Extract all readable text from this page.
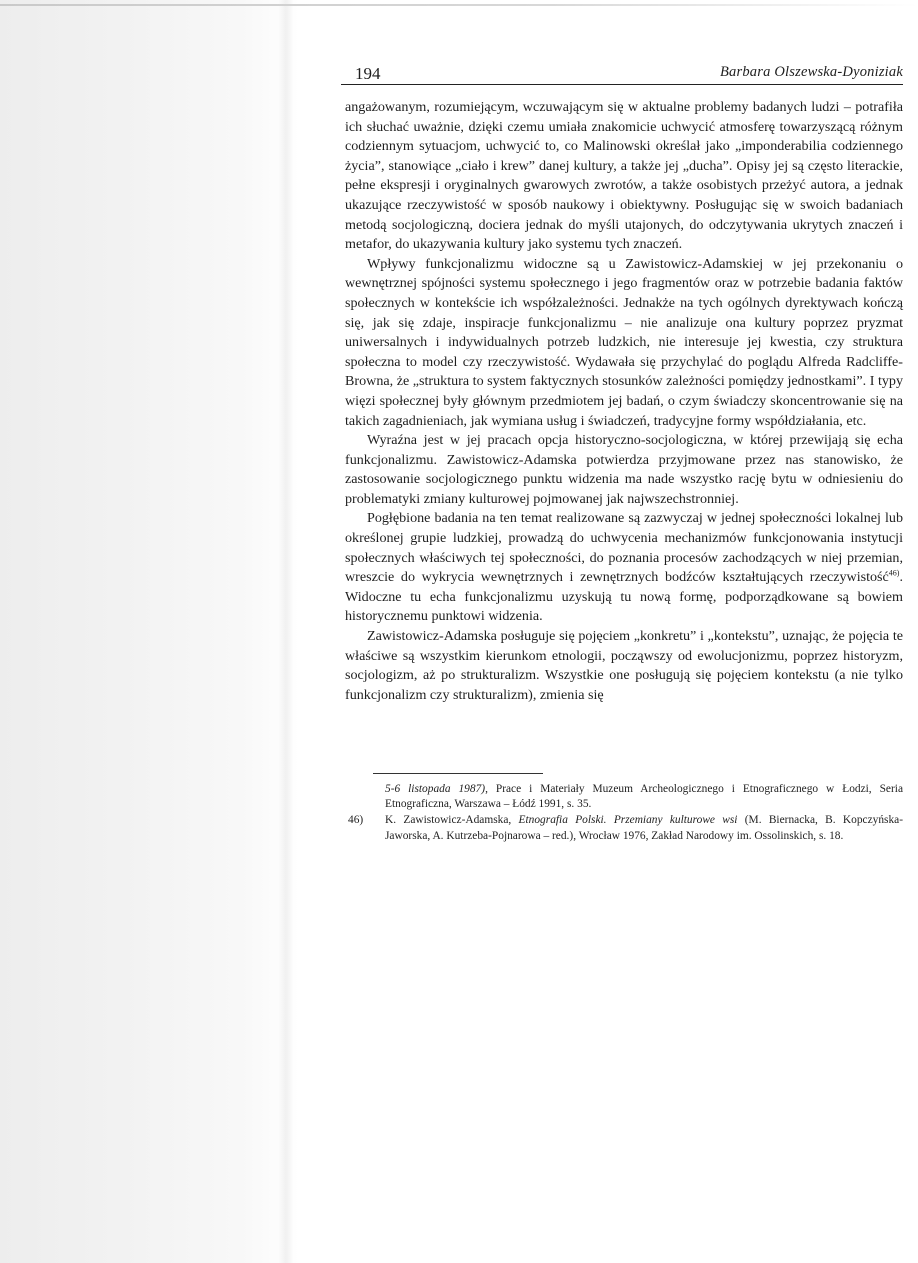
194	Barbara Olszewska-Dyoniziak

angażowanym, rozumiejącym, wczuwającym się w aktualne problemy badanych ludzi – potrafiła ich słuchać uważnie, dzięki czemu umiała znakomicie uchwycić atmosferę towarzyszącą różnym codziennym sytuacjom, uchwycić to, co Malinowski określał jako „imponderabilia codziennego życia”, stanowiące „ciało i krew” danej kultury, a także jej „ducha”. Opisy jej są często literackie, pełne ekspresji i oryginalnych gwarowych zwrotów, a także osobistych przeżyć autora, a jednak ukazujące rzeczywistość w sposób naukowy i obiektywny. Posługując się w swoich badaniach metodą socjologiczną, dociera jednak do myśli utajonych, do odczytywania ukrytych znaczeń i metafor, do ukazywania kultury jako systemu tych znaczeń.

Wpływy funkcjonalizmu widoczne są u Zawistowicz-Adamskiej w jej przekonaniu o wewnętrznej spójności systemu społecznego i jego fragmentów oraz w potrzebie badania faktów społecznych w kontekście ich współzależności. Jednakże na tych ogólnych dyrektywach kończą się, jak się zdaje, inspiracje funkcjonalizmu – nie analizuje ona kultury poprzez pryzmat uniwersalnych i indywidualnych potrzeb ludzkich, nie interesuje jej kwestia, czy struktura społeczna to model czy rzeczywistość. Wydawała się przychylać do poglądu Alfreda Radcliffe-Browna, że „struktura to system faktycznych stosunków zależności pomiędzy jednostkami”. I typy więzi społecznej były głównym przedmiotem jej badań, o czym świadczy skoncentrowanie się na takich zagadnieniach, jak wymiana usług i świadczeń, tradycyjne formy współdziałania, etc.

Wyraźna jest w jej pracach opcja historyczno-socjologiczna, w której przewijają się echa funkcjonalizmu. Zawistowicz-Adamska potwierdza przyjmowane przez nas stanowisko, że zastosowanie socjologicznego punktu widzenia ma nade wszystko rację bytu w odniesieniu do problematyki zmiany kulturowej pojmowanej jak najwszechstronniej.

Pogłębione badania na ten temat realizowane są zazwyczaj w jednej społeczności lokalnej lub określonej grupie ludzkiej, prowadzą do uchwycenia mechanizmów funkcjonowania instytucji społecznych właściwych tej społeczności, do poznania procesów zachodzących w niej przemian, wreszcie do wykrycia wewnętrznych i zewnętrznych bodźców kształtujących rzeczywistość$^{46)}$. Widoczne tu echa funkcjonalizmu uzyskują tu nową formę, podporządkowane są bowiem historycznemu punktowi widzenia.

Zawistowicz-Adamska posługuje się pojęciem „konkretu” i „kontekstu”, uznając, że pojęcia te właściwe są wszystkim kierunkom etnologii, począwszy od ewolucjonizmu, poprzez historyzm, socjologizm, aż po strukturalizm. Wszystkie one posługują się pojęciem kontekstu (a nie tylko funkcjonalizm czy strukturalizm), zmienia się

5-6 listopada 1987), Prace i Materiały Muzeum Archeologicznego i Etnograficznego w Łodzi, Seria Etnograficzna, Warszawa – Łódź 1991, s. 35.

46) K. Zawistowicz-Adamska, Etnografia Polski. Przemiany kulturowe wsi (M. Biernacka, B. Kopczyńska-Jaworska, A. Kutrzeba-Pojnarowa – red.), Wrocław 1976, Zakład Narodowy im. Ossolinskich, s. 18.
